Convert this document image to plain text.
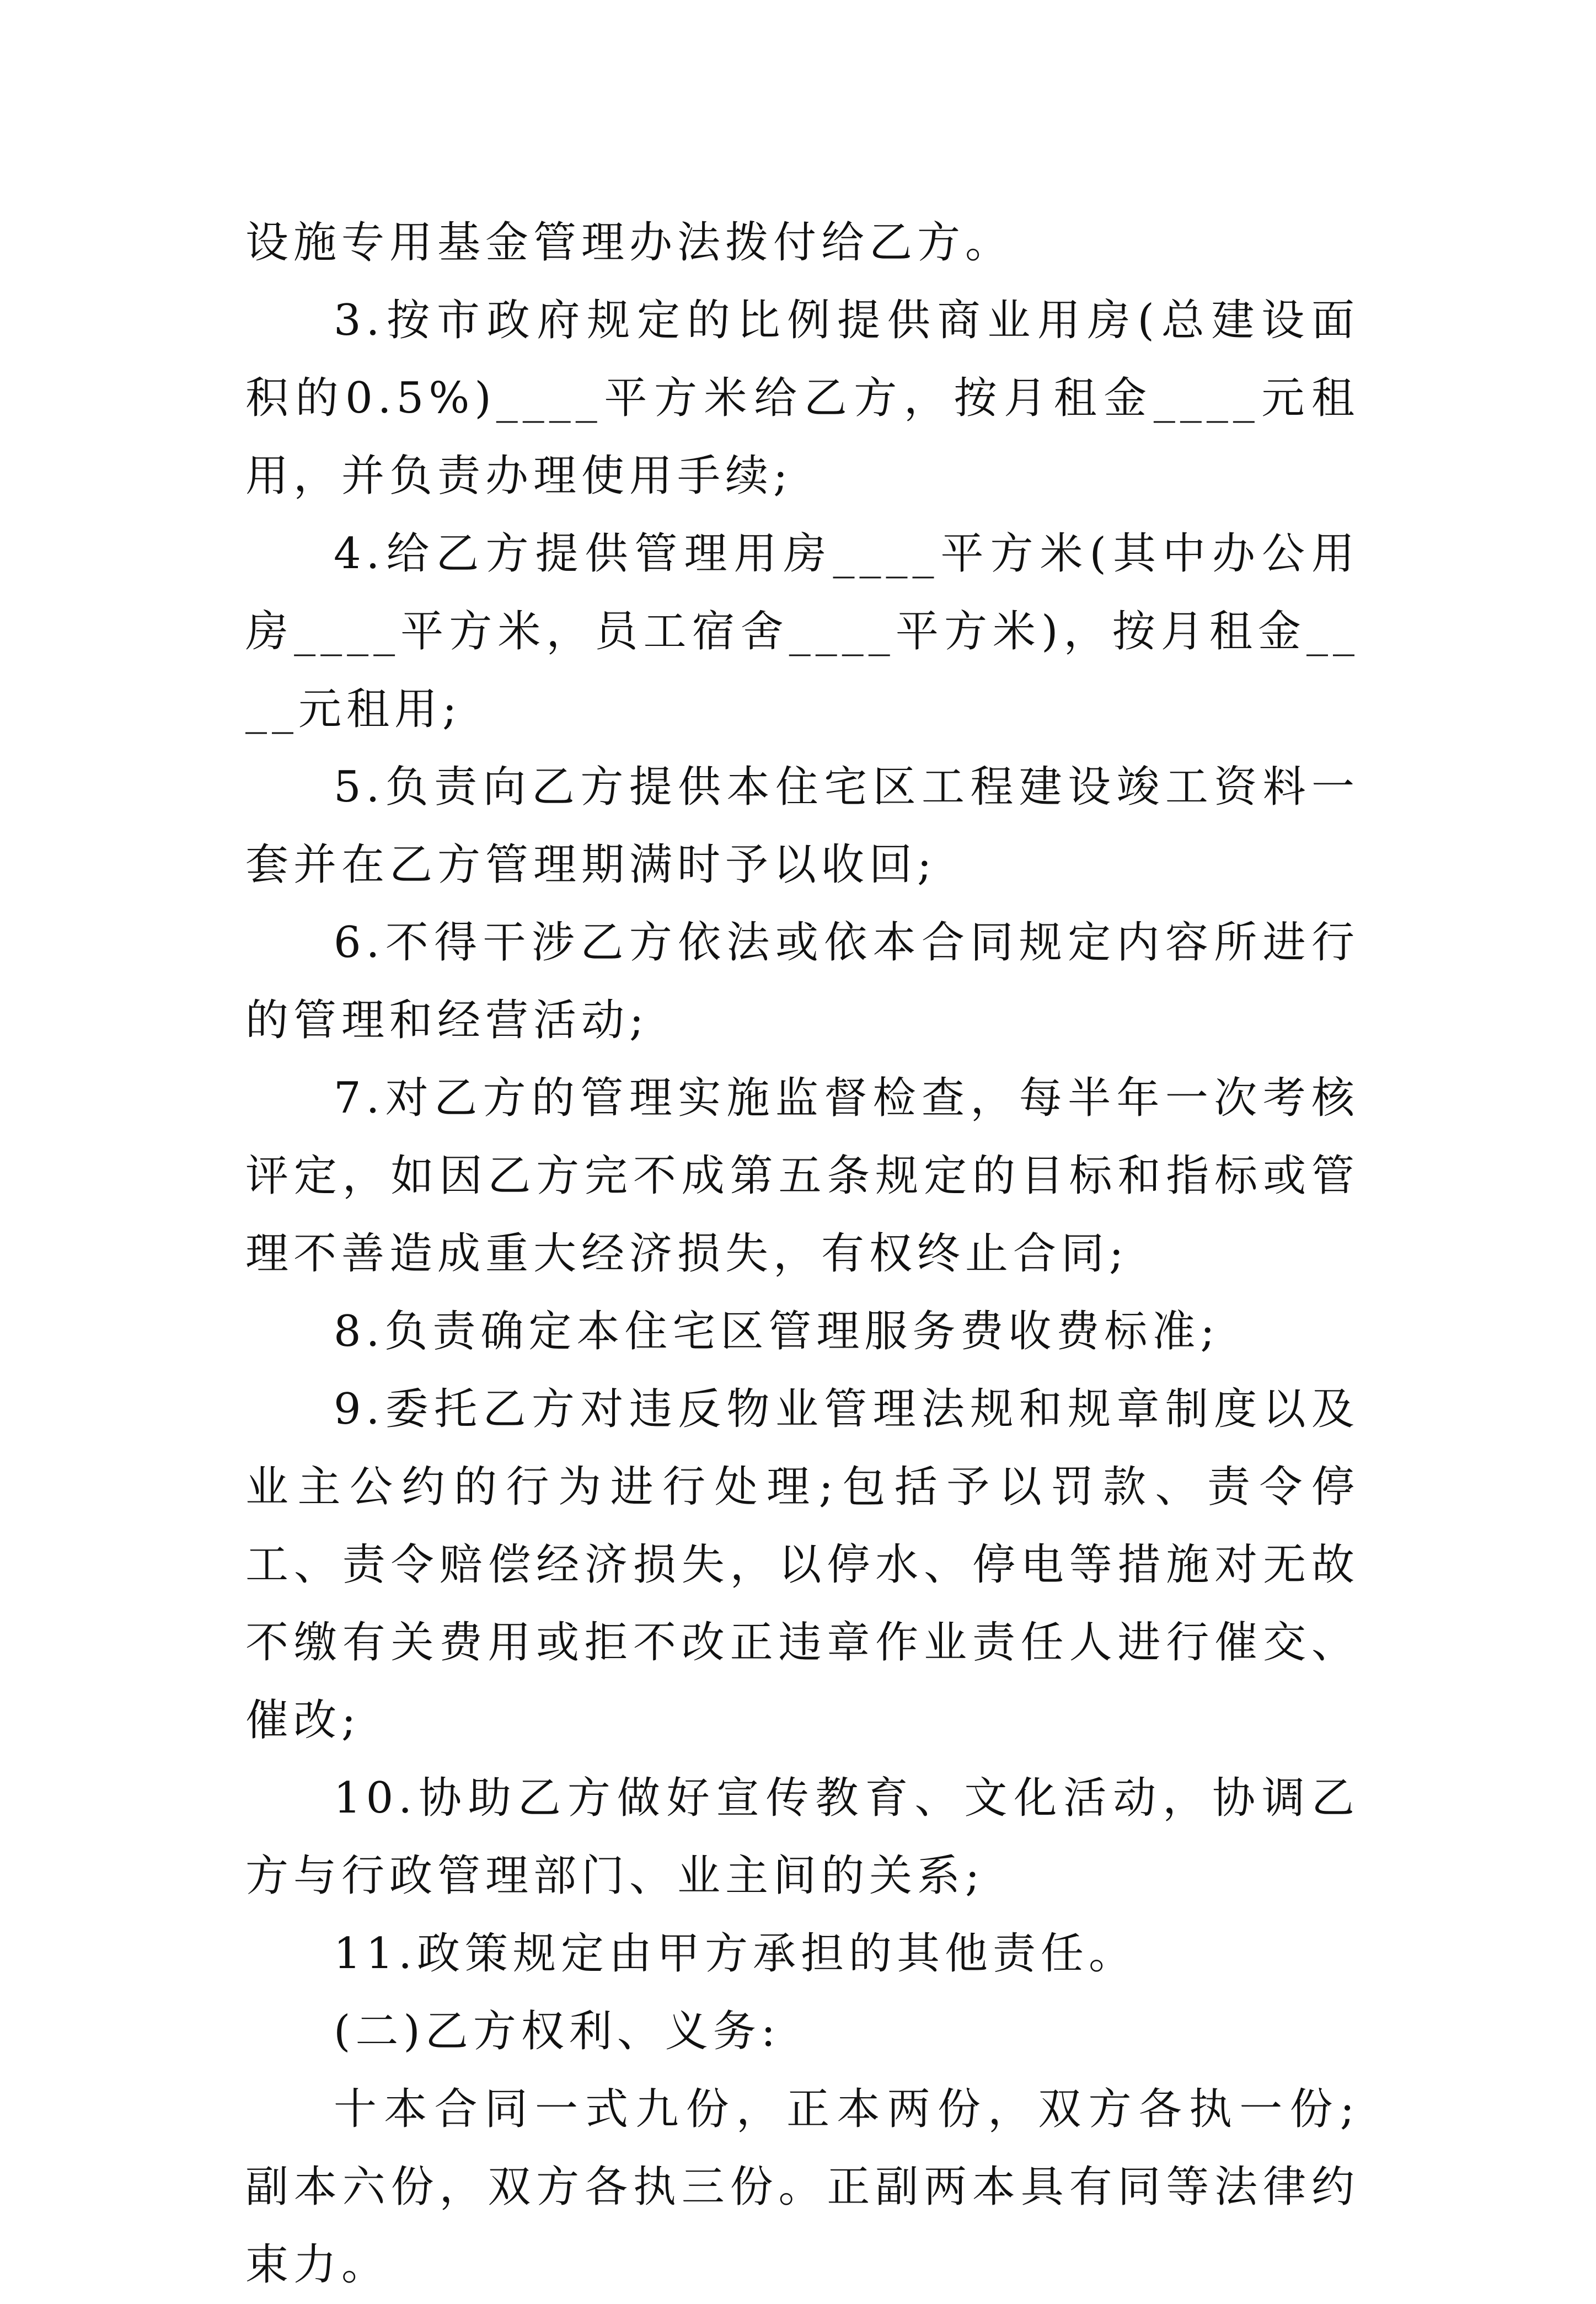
设施专用基金管理办法拨付给乙方。

3.按市政府规定的比例提供商业用房(总建设面积的0.5%)____平方米给乙方，按月租金____元租用，并负责办理使用手续;

4.给乙方提供管理用房____平方米(其中办公用房____平方米，员工宿舍____平方米)，按月租金____元租用;

5.负责向乙方提供本住宅区工程建设竣工资料一套并在乙方管理期满时予以收回;

6.不得干涉乙方依法或依本合同规定内容所进行的管理和经营活动;

7.对乙方的管理实施监督检查，每半年一次考核评定，如因乙方完不成第五条规定的目标和指标或管理不善造成重大经济损失，有权终止合同;

8.负责确定本住宅区管理服务费收费标准;

9.委托乙方对违反物业管理法规和规章制度以及业主公约的行为进行处理;包括予以罚款、责令停工、责令赔偿经济损失，以停水、停电等措施对无故不缴有关费用或拒不改正违章作业责任人进行催交、催改;

10.协助乙方做好宣传教育、文化活动，协调乙方与行政管理部门、业主间的关系;

11.政策规定由甲方承担的其他责任。

(二)乙方权利、义务:

十本合同一式九份，正本两份，双方各执一份;副本六份，双方各执三份。正副两本具有同等法律约束力。
